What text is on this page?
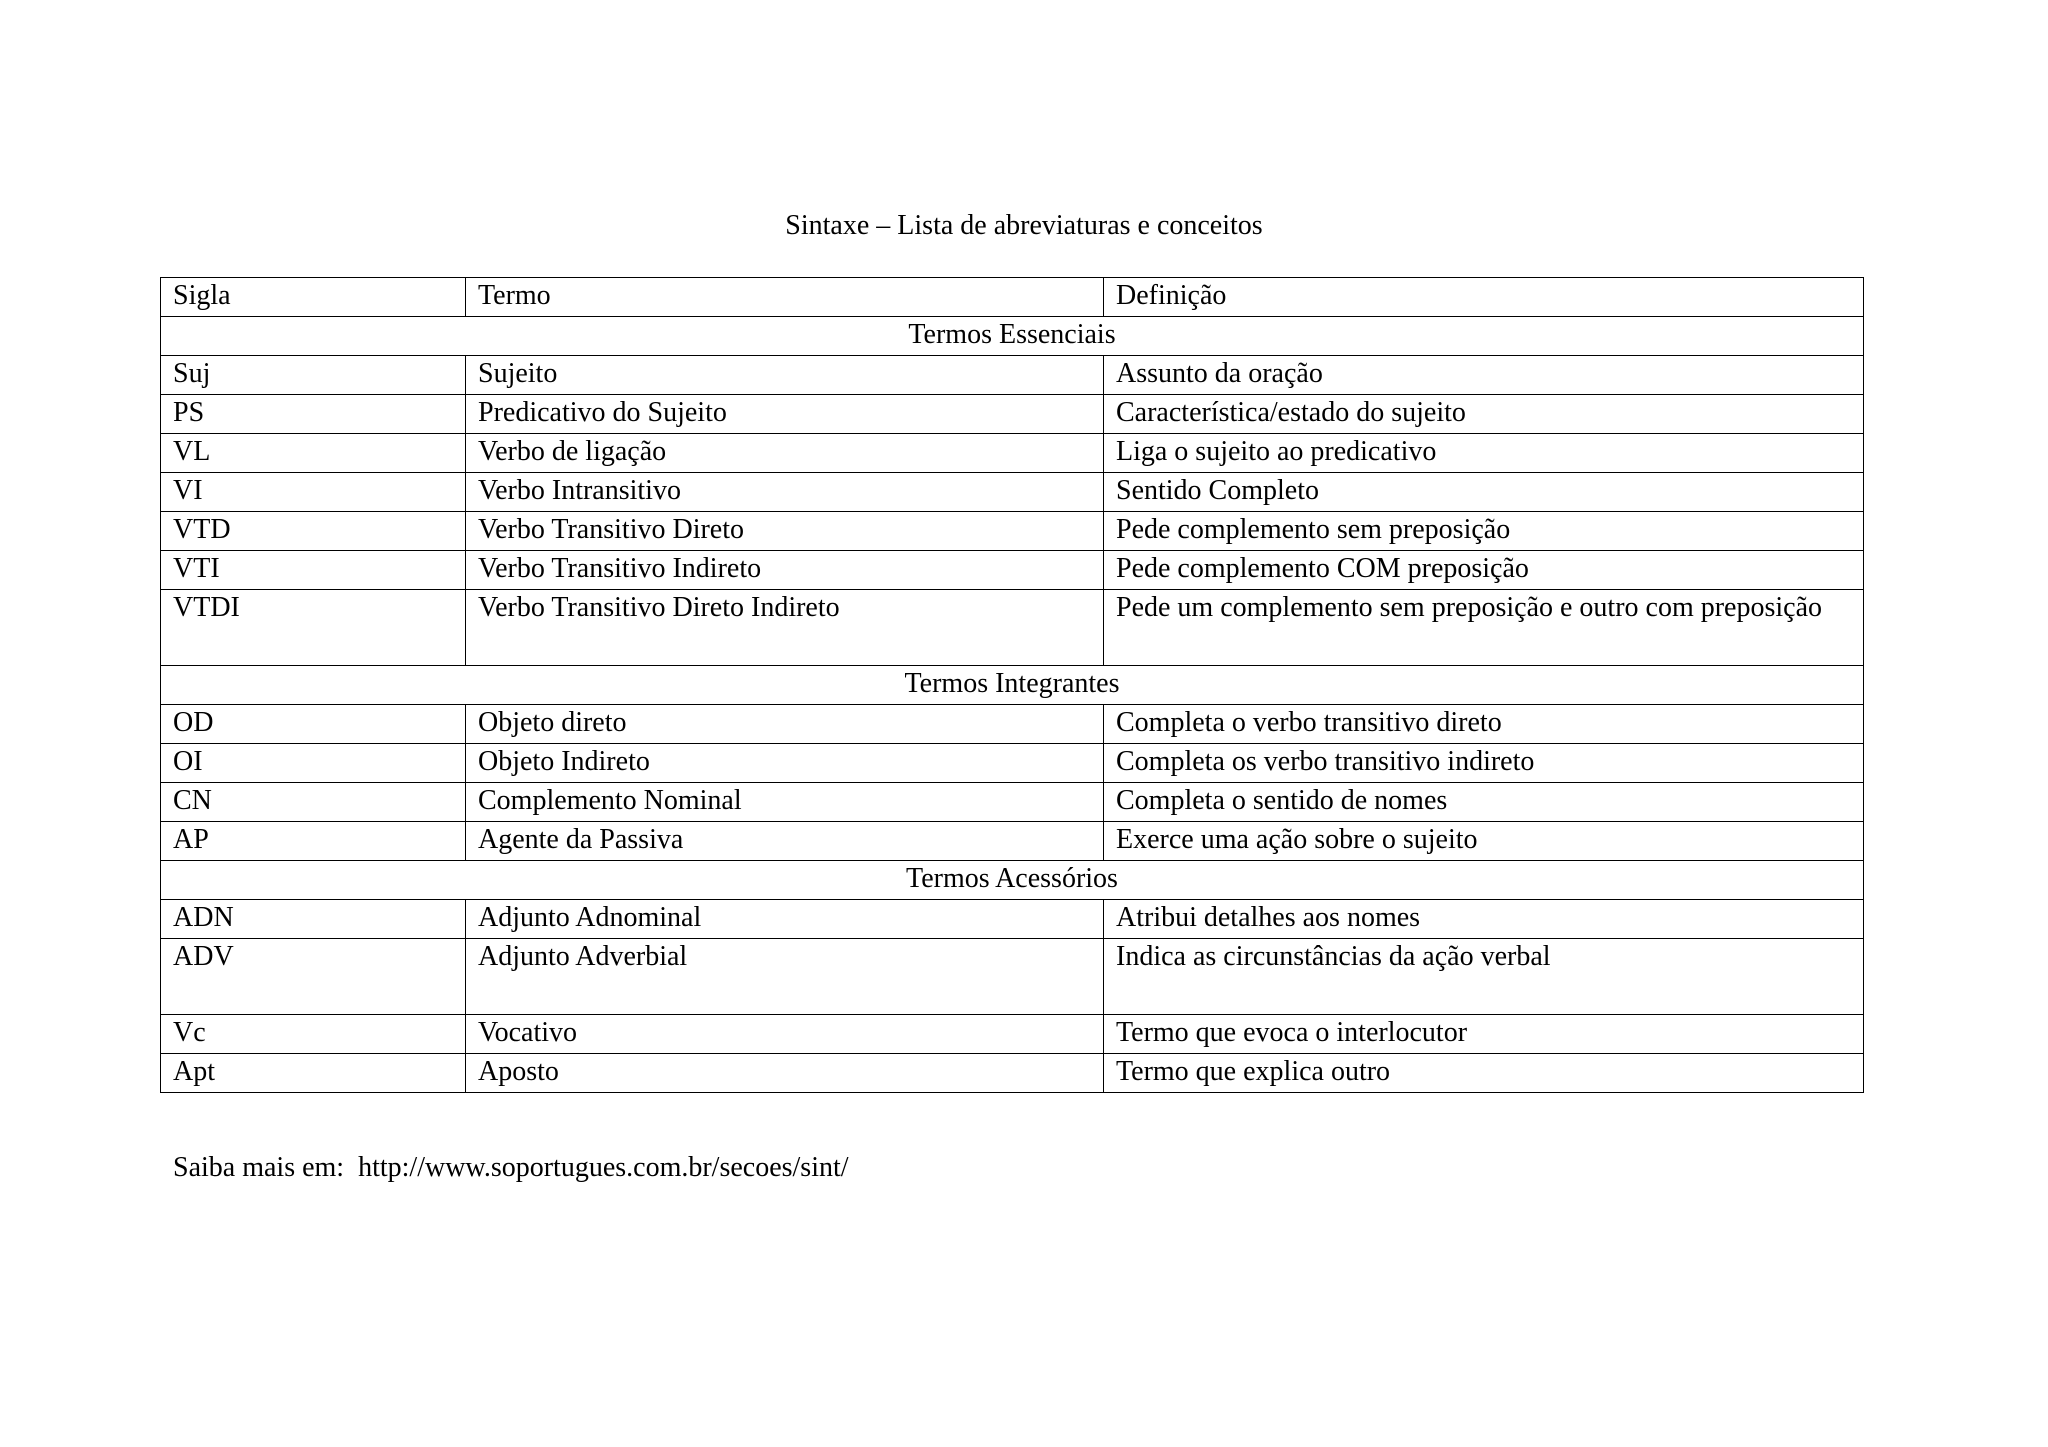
Sintaxe – Lista de abreviaturas e conceitos
Sigla	Termo	Definição
Termos Essenciais		
Suj	Sujeito	Assunto da oração
PS	Predicativo do Sujeito	Característica/estado do sujeito
VL	Verbo de ligação	Liga o sujeito ao predicativo
VI	Verbo Intransitivo	Sentido Completo
VTD	Verbo Transitivo Direto	Pede complemento sem preposição
VTI	Verbo Transitivo Indireto	Pede complemento COM preposição
VTDI	Verbo Transitivo Direto Indireto	Pede um complemento sem preposição e outro com preposição
Termos Integrantes		
OD	Objeto direto	Completa o verbo transitivo direto
OI	Objeto Indireto	Completa os verbo transitivo indireto
CN	Complemento Nominal	Completa o sentido de nomes
AP	Agente da Passiva	Exerce uma ação sobre o sujeito
Termos Acessórios		
ADN	Adjunto Adnominal	Atribui detalhes aos nomes
ADV	Adjunto Adverbial	Indica as circunstâncias da ação verbal
Vc	Vocativo	Termo que evoca o interlocutor
Apt	Aposto	Termo que explica outro
Saiba mais em:  http://www.soportugues.com.br/secoes/sint/
